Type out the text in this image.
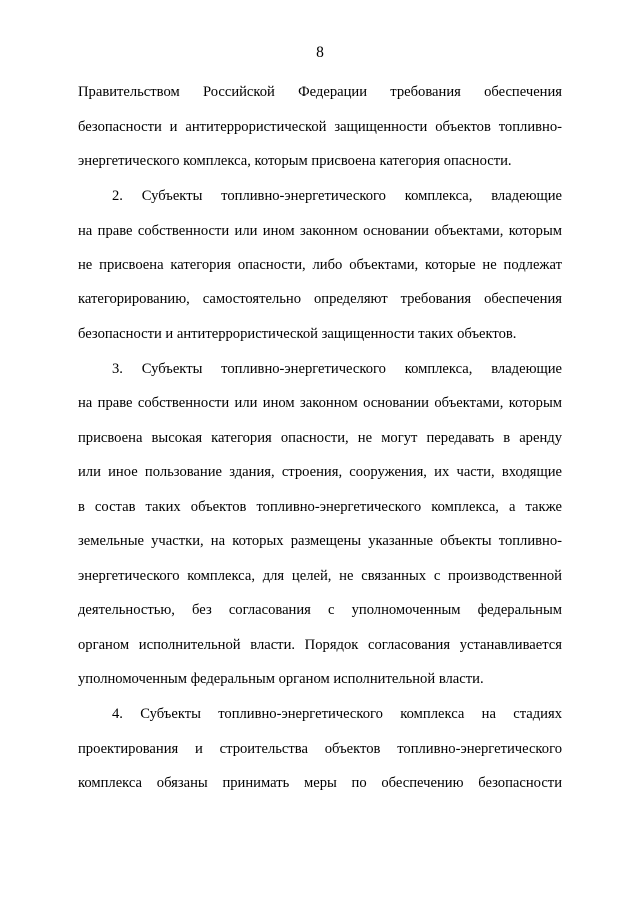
8
Правительством Российской Федерации требования обеспечения
безопасности и антитеррористической защищенности объектов топливно-
энергетического комплекса, которым присвоена категория опасности.
2. Субъекты топливно-энергетического комплекса, владеющие
на праве собственности или ином законном основании объектами, которым
не присвоена категория опасности, либо объектами, которые не подлежат
категорированию, самостоятельно определяют требования обеспечения
безопасности и антитеррористической защищенности таких объектов.
3. Субъекты топливно-энергетического комплекса, владеющие
на праве собственности или ином законном основании объектами, которым
присвоена высокая категория опасности, не могут передавать в аренду
или иное пользование здания, строения, сооружения, их части, входящие
в состав таких объектов топливно-энергетического комплекса, а также
земельные участки, на которых размещены указанные объекты топливно-
энергетического комплекса, для целей, не связанных с производственной
деятельностью, без согласования с уполномоченным федеральным
органом исполнительной власти. Порядок согласования устанавливается
уполномоченным федеральным органом исполнительной власти.
4. Субъекты топливно-энергетического комплекса на стадиях
проектирования и строительства объектов топливно-энергетического
комплекса обязаны принимать меры по обеспечению безопасности
